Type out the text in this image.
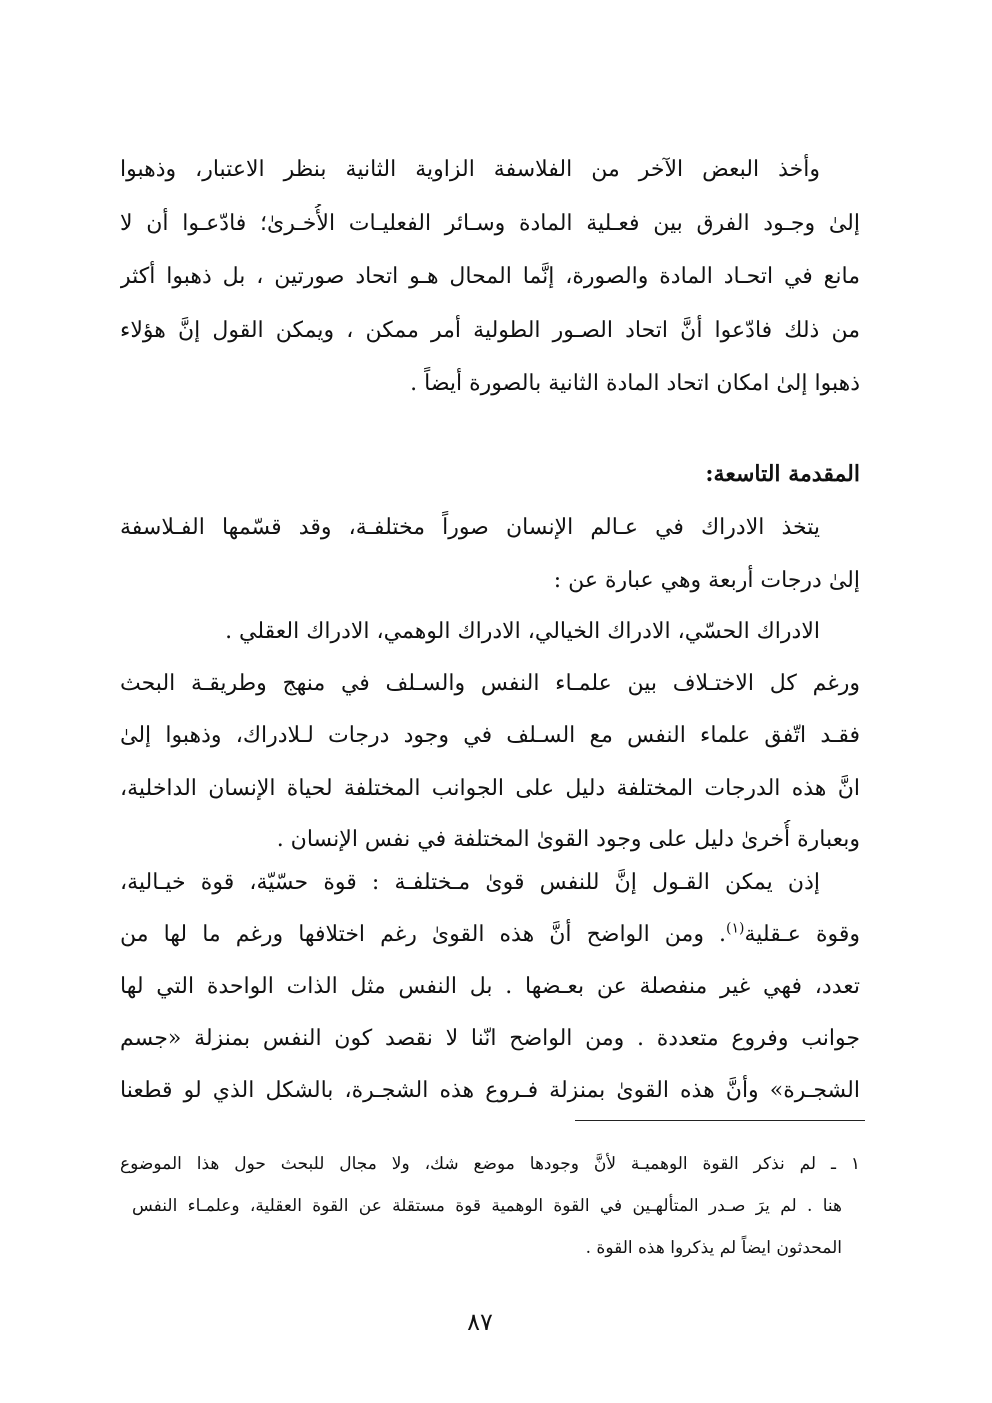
وأخذ البعض الآخر من الفلاسفة الزاوية الثانية بنظر الاعتبار، وذهبوا
إلىٰ وجـود الفرق بين فعـلية المادة وسـائر الفعليـات الأُخـرىٰ؛ فادّعـوا أن لا
مانع في اتحـاد المادة والصورة، إنَّما المحال هـو اتحاد صورتين ، بل ذهبوا أكثر
من ذلك فادّعوا أنَّ اتحاد الصـور الطولية أمر ممكن ، ويمكن القول إنَّ هؤلاء
ذهبوا إلىٰ امكان اتحاد المادة الثانية بالصورة أيضاً .
المقدمة التاسعة:
يتخذ الادراك في عـالم الإنسان صوراً مختلفـة، وقد قسّمها الفـلاسفة
إلىٰ درجات أربعة وهي عبارة عن :
الادراك الحسّي، الادراك الخيالي، الادراك الوهمي، الادراك العقلي .
ورغم كل الاختـلاف بين علمـاء النفس والسـلف في منهج وطريقـة البحث
فقـد اتّفق علماء النفس مع السـلف في وجود درجات لـلادراك، وذهبوا إلىٰ
انَّ هذه الدرجات المختلفة دليل على الجوانب المختلفة لحياة الإنسان الداخلية،
وبعبارة أُخرىٰ دليل على وجود القوىٰ المختلفة في نفس الإنسان .
إذن يمكن القـول إنَّ للنفس قوىٰ مـختلفـة : قوة حسّيّة، قوة خيـالية،
وقوة عـقلية$^{(١)}$. ومن الواضح أنَّ هذه القوىٰ رغم اختلافها ورغم ما لها من
تعدد، فهي غير منفصلة عن بعـضها . بل النفس مثل الذات الواحدة التي لها
جوانب وفروع متعددة . ومن الواضح انّنا لا نقصد كون النفس بمنزلة «جسم
الشجـرة» وأنَّ هذه القوىٰ بمنزلة فـروع هذه الشجـرة، بالشكل الذي لو قطعنا
١ ـ لم نذكر القوة الوهميـة لأنَّ وجودها موضع شك، ولا مجال للبحث حول هذا الموضوع
هنا . لم يرَ صـدر المتألهـين في القوة الوهمية قوة مستقلة عن القوة العقلية، وعلمـاء النفس
المحدثون ايضاً لم يذكروا هذه القوة .
٨٧
